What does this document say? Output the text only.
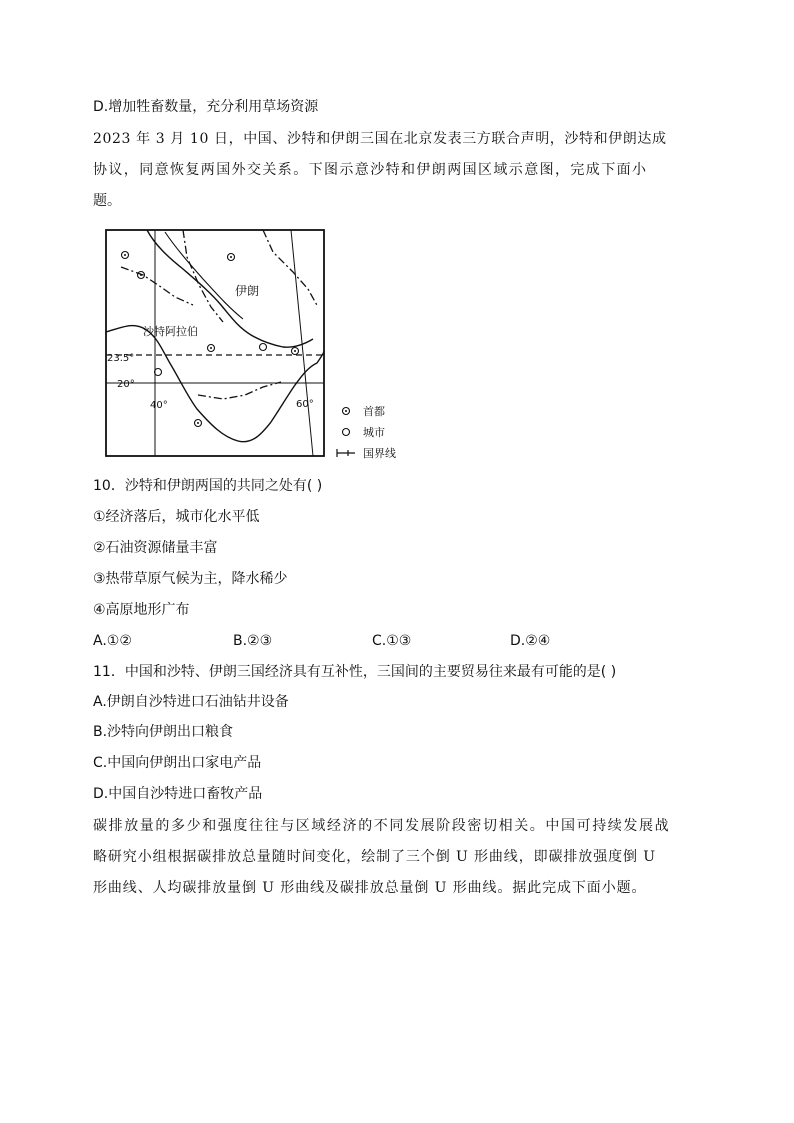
D.增加牲畜数量，充分利用草场资源
2023 年 3 月 10 日，中国、沙特和伊朗三国在北京发表三方联合声明，沙特和伊朗达成
协议，同意恢复两国外交关系。下图示意沙特和伊朗两国区域示意图，完成下面小
题。
伊朗
沙特阿拉伯
23.5°
20°
40°	60°
首都
城市
国界线
10．沙特和伊朗两国的共同之处有( )
①经济落后，城市化水平低
②石油资源储量丰富
③热带草原气候为主，降水稀少
④高原地形广布
A.①②	B.②③	C.①③	D.②④
11．中国和沙特、伊朗三国经济具有互补性，三国间的主要贸易往来最有可能的是( )
A.伊朗自沙特进口石油钻井设备
B.沙特向伊朗出口粮食
C.中国向伊朗出口家电产品
D.中国自沙特进口畜牧产品
碳排放量的多少和强度往往与区域经济的不同发展阶段密切相关。中国可持续发展战
略研究小组根据碳排放总量随时间变化，绘制了三个倒 U 形曲线，即碳排放强度倒 U
形曲线、人均碳排放量倒 U 形曲线及碳排放总量倒 U 形曲线。据此完成下面小题。
